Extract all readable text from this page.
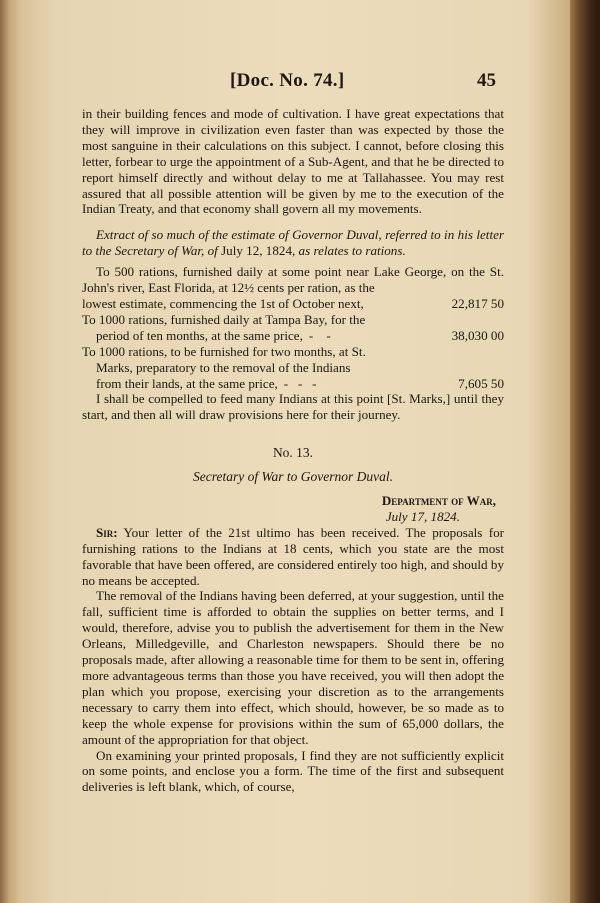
[Doc. No. 74.]	45

in their building fences and mode of cultivation. I have great expectations that they will improve in civilization even faster than was expected by those the most sanguine in their calculations on this subject. I cannot, before closing this letter, forbear to urge the appointment of a Sub-Agent, and that he be directed to report himself directly and without delay to me at Tallahassee. You may rest assured that all possible attention will be given by me to the execution of the Indian Treaty, and that economy shall govern all my movements.

Extract of so much of the estimate of Governor Duval, referred to in his letter to the Secretary of War, of July 12, 1824, as relates to rations.

To 500 rations, furnished daily at some point near Lake George, on the St. John's river, East Florida, at 12½ cents per ration, as the
lowest estimate, commencing the 1st of October next,	22,817 50
To 1000 rations, furnished daily at Tampa Bay, for the
period of ten months, at the same price, -    -	38,030 00
To 1000 rations, to be furnished for two months, at St.
Marks, preparatory to the removal of the Indians
from their lands, at the same price, -   -   -	7,605 50

I shall be compelled to feed many Indians at this point [St. Marks,] until they start, and then all will draw provisions here for their journey.

No. 13.
Secretary of War to Governor Duval.
Department of War,
July 17, 1824.

Sir: Your letter of the 21st ultimo has been received. The proposals for furnishing rations to the Indians at 18 cents, which you state are the most favorable that have been offered, are considered entirely too high, and should by no means be accepted.

The removal of the Indians having been deferred, at your suggestion, until the fall, sufficient time is afforded to obtain the supplies on better terms, and I would, therefore, advise you to publish the advertisement for them in the New Orleans, Milledgeville, and Charleston newspapers. Should there be no proposals made, after allowing a reasonable time for them to be sent in, offering more advantageous terms than those you have received, you will then adopt the plan which you propose, exercising your discretion as to the arrangements necessary to carry them into effect, which should, however, be so made as to keep the whole expense for provisions within the sum of 65,000 dollars, the amount of the appropriation for that object.

On examining your printed proposals, I find they are not sufficiently explicit on some points, and enclose you a form. The time of the first and subsequent deliveries is left blank, which, of course,
